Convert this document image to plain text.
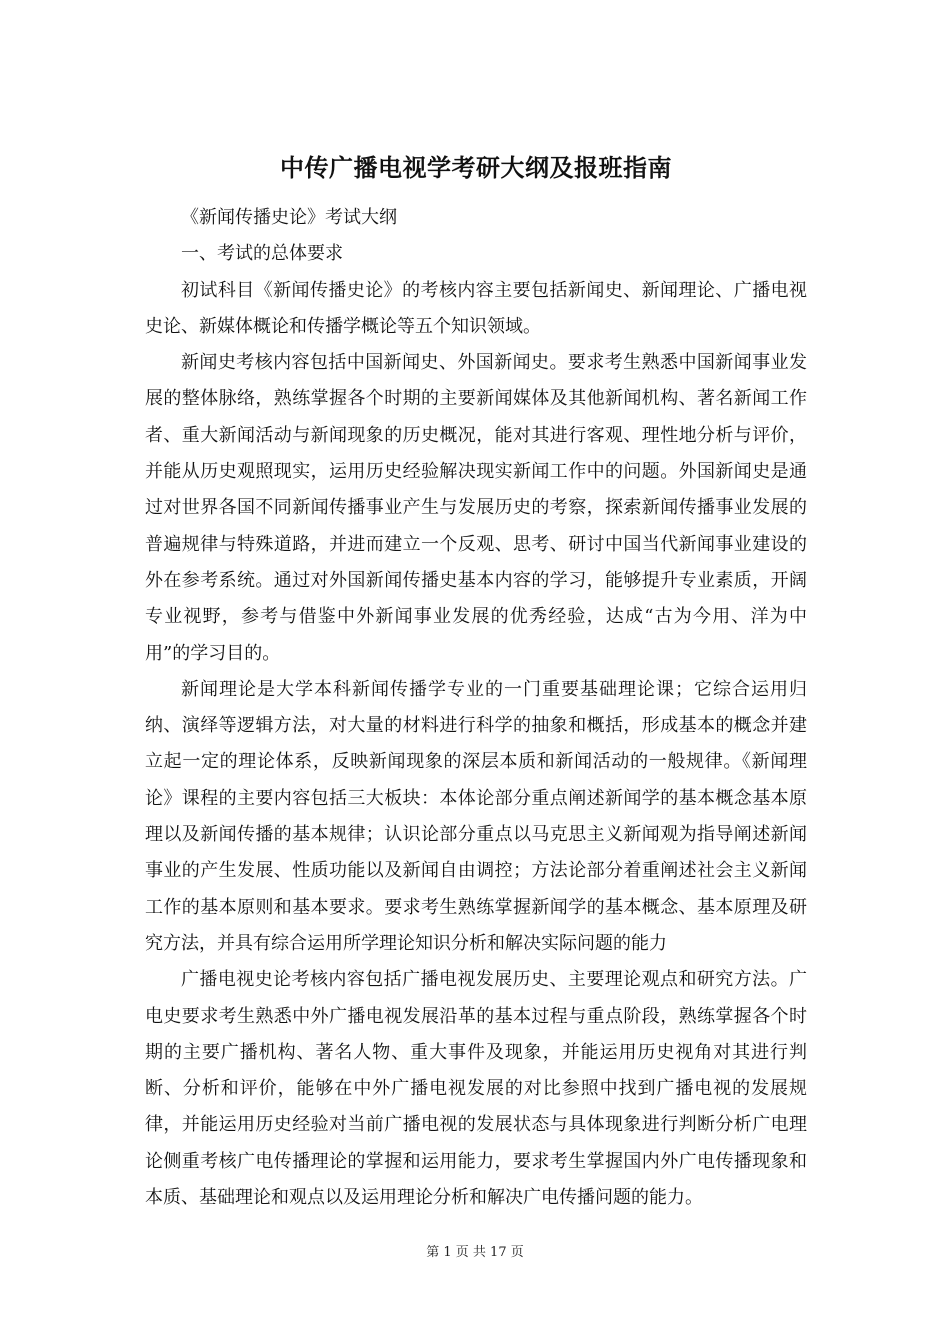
中传广播电视学考研大纲及报班指南

《新闻传播史论》考试大纲

一、考试的总体要求

初试科目《新闻传播史论》的考核内容主要包括新闻史、新闻理论、广播电视史论、新媒体概论和传播学概论等五个知识领域。

新闻史考核内容包括中国新闻史、外国新闻史。要求考生熟悉中国新闻事业发展的整体脉络，熟练掌握各个时期的主要新闻媒体及其他新闻机构、著名新闻工作者、重大新闻活动与新闻现象的历史概况，能对其进行客观、理性地分析与评价，并能从历史观照现实，运用历史经验解决现实新闻工作中的问题。外国新闻史是通过对世界各国不同新闻传播事业产生与发展历史的考察，探索新闻传播事业发展的普遍规律与特殊道路，并进而建立一个反观、思考、研讨中国当代新闻事业建设的外在参考系统。通过对外国新闻传播史基本内容的学习，能够提升专业素质，开阔专业视野，参考与借鉴中外新闻事业发展的优秀经验，达成“古为今用、洋为中用”的学习目的。

新闻理论是大学本科新闻传播学专业的一门重要基础理论课；它综合运用归纳、演绎等逻辑方法，对大量的材料进行科学的抽象和概括，形成基本的概念并建立起一定的理论体系，反映新闻现象的深层本质和新闻活动的一般规律。《新闻理论》课程的主要内容包括三大板块：本体论部分重点阐述新闻学的基本概念基本原理以及新闻传播的基本规律；认识论部分重点以马克思主义新闻观为指导阐述新闻事业的产生发展、性质功能以及新闻自由调控；方法论部分着重阐述社会主义新闻工作的基本原则和基本要求。要求考生熟练掌握新闻学的基本概念、基本原理及研究方法，并具有综合运用所学理论知识分析和解决实际问题的能力

广播电视史论考核内容包括广播电视发展历史、主要理论观点和研究方法。广电史要求考生熟悉中外广播电视发展沿革的基本过程与重点阶段，熟练掌握各个时期的主要广播机构、著名人物、重大事件及现象，并能运用历史视角对其进行判断、分析和评价，能够在中外广播电视发展的对比参照中找到广播电视的发展规律，并能运用历史经验对当前广播电视的发展状态与具体现象进行判断分析广电理论侧重考核广电传播理论的掌握和运用能力，要求考生掌握国内外广电传播现象和本质、基础理论和观点以及运用理论分析和解决广电传播问题的能力。

第 1 页 共 17 页
